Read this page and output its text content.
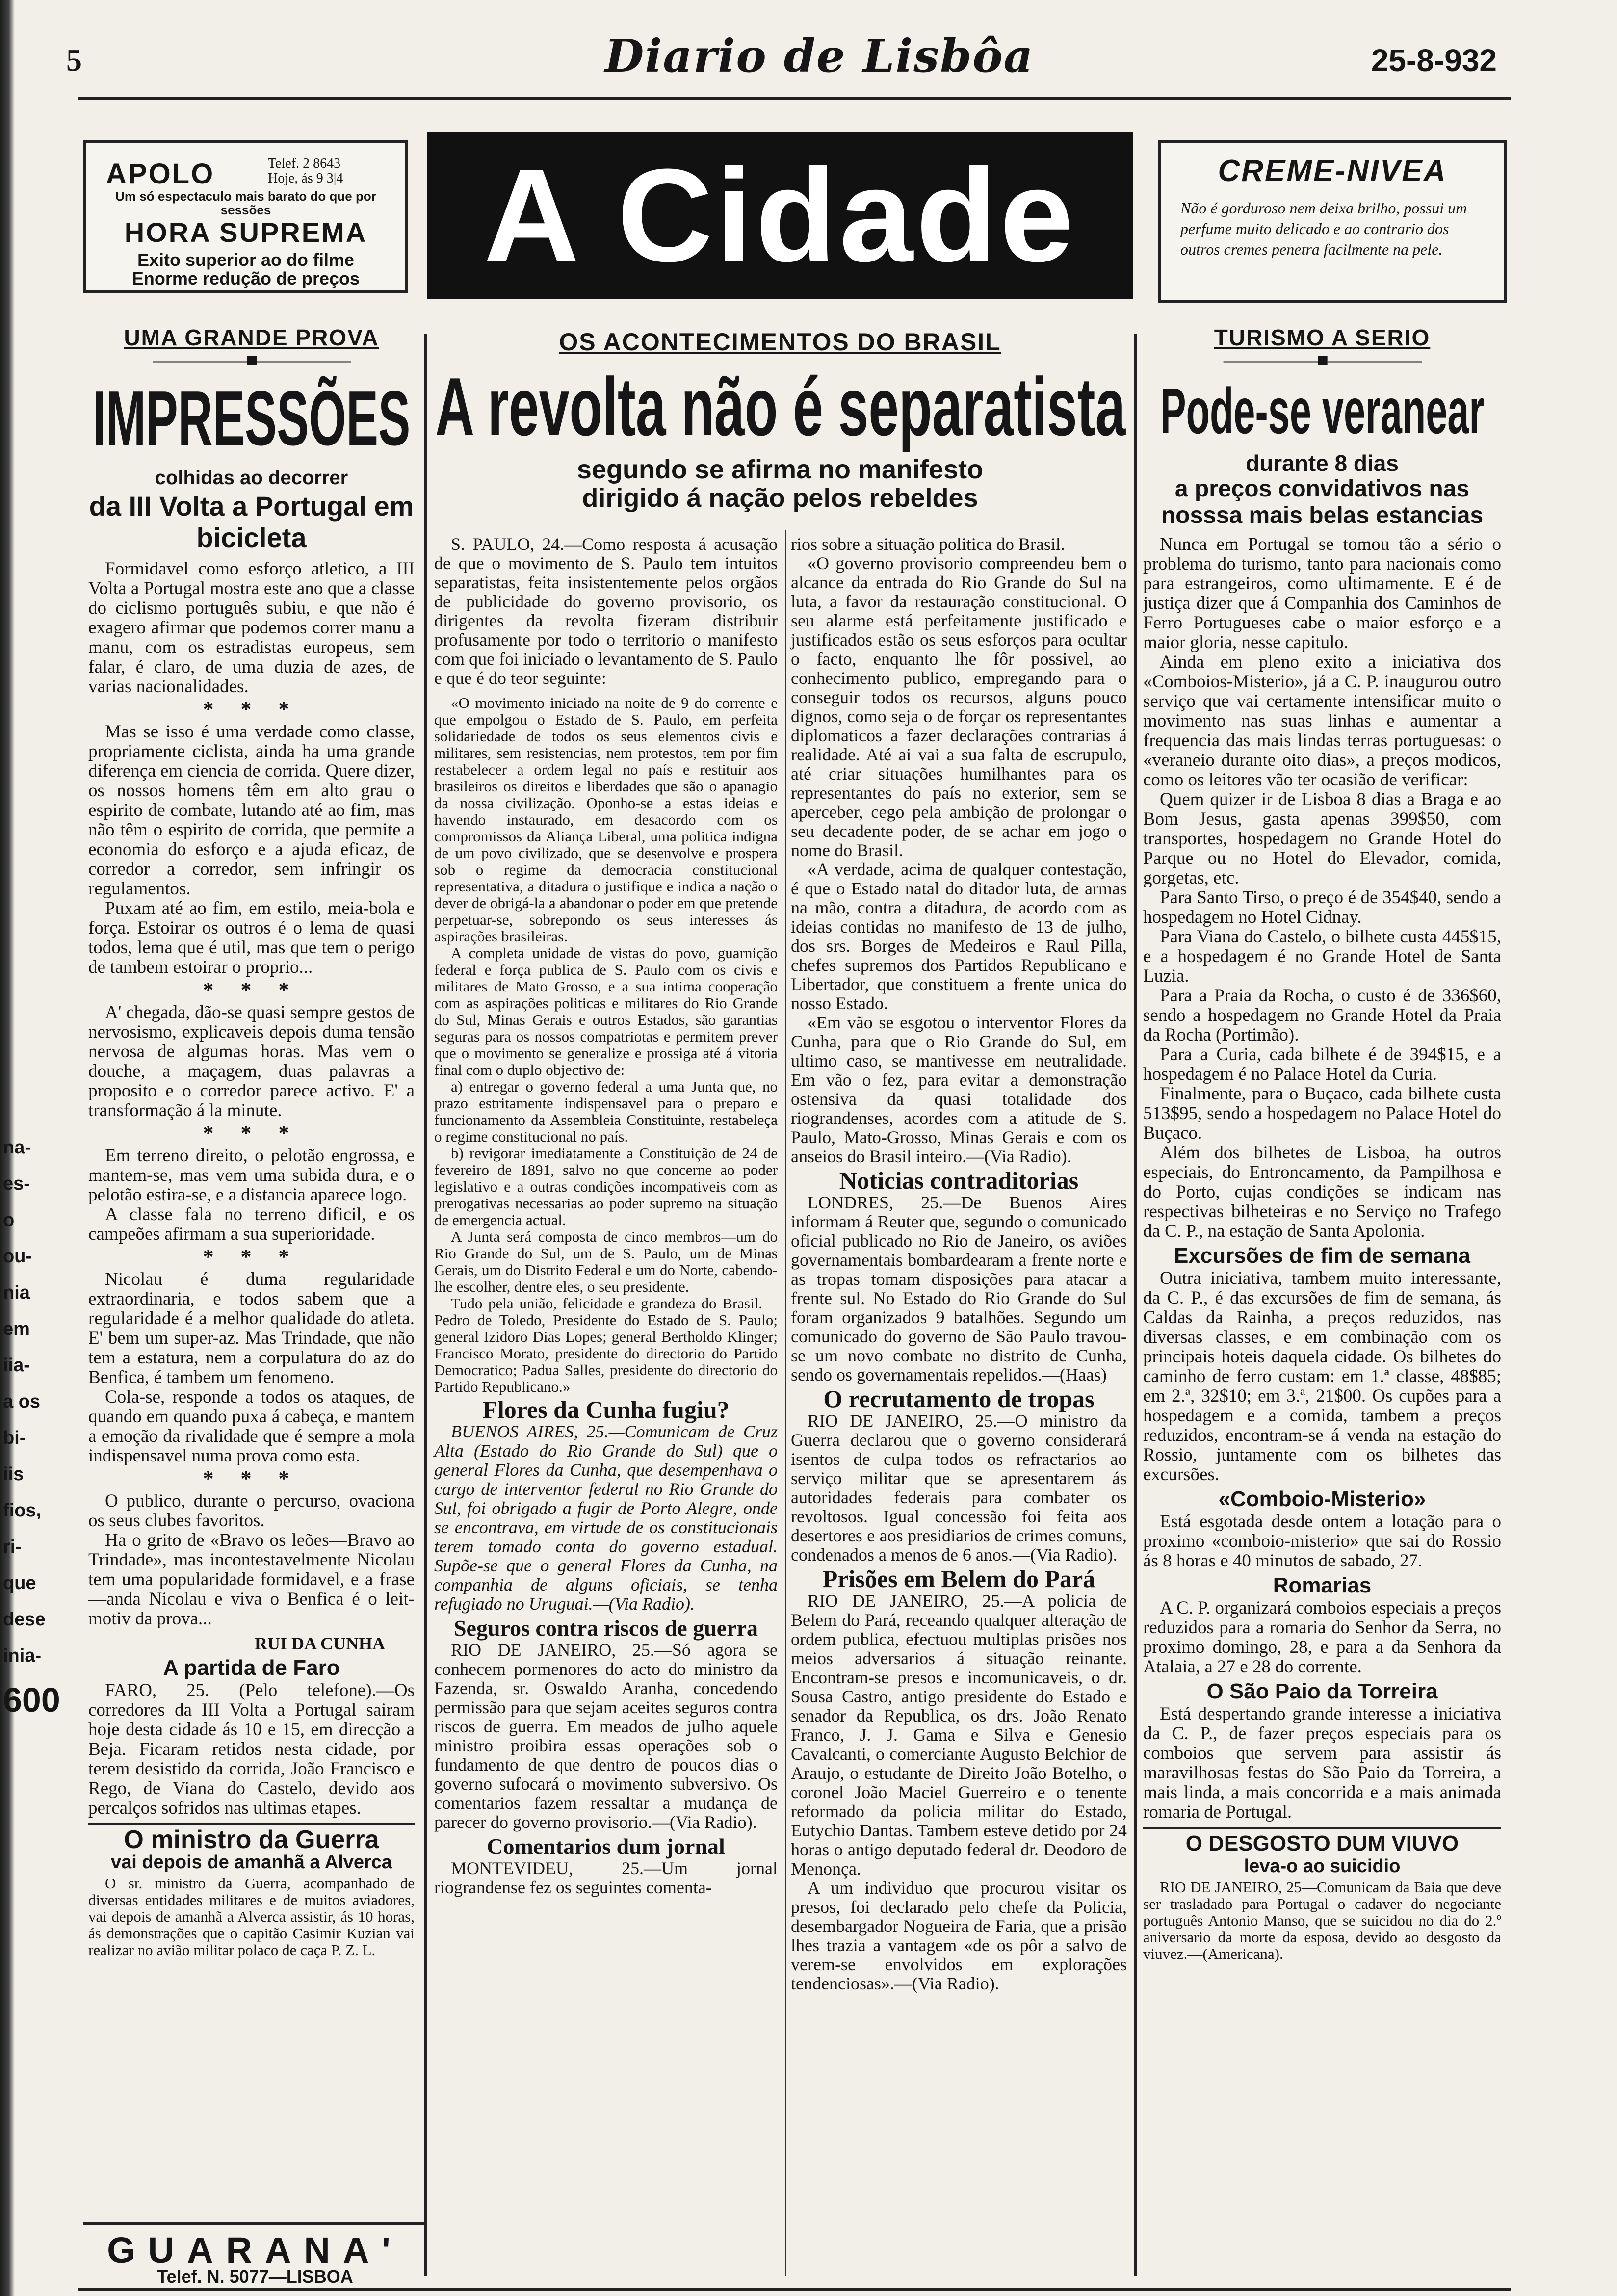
na-
es-
o
ou-
nia
em
iia-
a os
bi-
iis
fios,
ri-
que
dese
inia-
600
5	Diario de Lisbôa	25-8-932
APOLO	Telef. 2 8643
Hoje, ás 9 3|4
Um só espectaculo mais barato do que por sessões
HORA SUPREMA
Exito superior ao do filme
Enorme redução de preços A Cidade	CREME-NIVEA
Não é gorduroso nem deixa brilho, possui um perfume muito delicado e ao contrario dos outros cremes penetra facilmente na pele.
UMA GRANDE PROVA
—————■—————
IMPRESSÕES
colhidas ao decorrer
da III Volta a Portugal em bicicleta

Formidavel como esforço atletico, a III Volta a Portugal mostra este ano que a classe do ciclismo português subiu, e que não é exagero afirmar que podemos correr manu a manu, com os estradistas europeus, sem falar, é claro, de uma duzia de azes, de varias nacionalidades.

* * *

Mas se isso é uma verdade como classe, propriamente ciclista, ainda ha uma grande diferença em ciencia de corrida. Quere dizer, os nossos homens têm em alto grau o espirito de combate, lutando até ao fim, mas não têm o espirito de corrida, que permite a economia do esforço e a ajuda eficaz, de corredor a corredor, sem infringir os regulamentos.

Puxam até ao fim, em estilo, meia-bola e força. Estoirar os outros é o lema de quasi todos, lema que é util, mas que tem o perigo de tambem estoirar o proprio...

* * *

A' chegada, dão-se quasi sempre gestos de nervosismo, explicaveis depois duma tensão nervosa de algumas horas. Mas vem o douche, a maçagem, duas palavras a proposito e o corredor parece activo. E' a transformação á la minute.

* * *

Em terreno direito, o pelotão engrossa, e mantem-se, mas vem uma subida dura, e o pelotão estira-se, e a distancia aparece logo.

A classe fala no terreno dificil, e os campeões afirmam a sua superioridade.

* * *

Nicolau é duma regularidade extraordinaria, e todos sabem que a regularidade é a melhor qualidade do atleta. E' bem um super-az. Mas Trindade, que não tem a estatura, nem a corpulatura do az do Benfica, é tambem um fenomeno.

Cola-se, responde a todos os ataques, de quando em quando puxa á cabeça, e mantem a emoção da rivalidade que é sempre a mola indispensavel numa prova como esta.

* * *

O publico, durante o percurso, ovaciona os seus clubes favoritos.

Ha o grito de «Bravo os leões—Bravo ao Trindade», mas incontestavelmente Nicolau tem uma popularidade formidavel, e a frase—anda Nicolau e viva o Benfica é o leit-motiv da prova...

RUI DA CUNHA
A partida de Faro

FARO, 25. (Pelo telefone).—Os corredores da III Volta a Portugal sairam hoje desta cidade ás 10 e 15, em direcção a Beja. Ficaram retidos nesta cidade, por terem desistido da corrida, João Francisco e Rego, de Viana do Castelo, devido aos percalços sofridos nas ultimas etapes.

O ministro da Guerra
vai depois de amanhã a Alverca

O sr. ministro da Guerra, acompanhado de diversas entidades militares e de muitos aviadores, vai depois de amanhã a Alverca assistir, ás 10 horas, ás demonstrações que o capitão Casimir Kuzian vai realizar no avião militar polaco de caça P. Z. L.

GUARANA'
Telef. N. 5077—LISBOA
OS ACONTECIMENTOS DO BRASIL
A revolta não é separatista
segundo se afirma no manifesto dirigido á nação pelos rebeldes

S. PAULO, 24.—Como resposta á acusação de que o movimento de S. Paulo tem intuitos separatistas, feita insistentemente pelos orgãos de publicidade do governo provisorio, os dirigentes da revolta fizeram distribuir profusamente por todo o territorio o manifesto com que foi iniciado o levantamento de S. Paulo e que é do teor seguinte:

«O movimento iniciado na noite de 9 do corrente e que empolgou o Estado de S. Paulo, em perfeita solidariedade de todos os seus elementos civis e militares, sem resistencias, nem protestos, tem por fim restabelecer a ordem legal no país e restituir aos brasileiros os direitos e liberdades que são o apanagio da nossa civilização. Oponho-se a estas ideias e havendo instaurado, em desacordo com os compromissos da Aliança Liberal, uma politica indigna de um povo civilizado, que se desenvolve e prospera sob o regime da democracia constitucional representativa, a ditadura o justifique e indica a nação o dever de obrigá-la a abandonar o poder em que pretende perpetuar-se, sobrepondo os seus interesses ás aspirações brasileiras.

A completa unidade de vistas do povo, guarnição federal e força publica de S. Paulo com os civis e militares de Mato Grosso, e a sua intima cooperação com as aspirações politicas e militares do Rio Grande do Sul, Minas Gerais e outros Estados, são garantias seguras para os nossos compatriotas e permitem prever que o movimento se generalize e prossiga até á vitoria final com o duplo objectivo de:

a) entregar o governo federal a uma Junta que, no prazo estritamente indispensavel para o preparo e funcionamento da Assembleia Constituinte, restabeleça o regime constitucional no país.

b) revigorar imediatamente a Constituição de 24 de fevereiro de 1891, salvo no que concerne ao poder legislativo e a outras condições incompativeis com as prerogativas necessarias ao poder supremo na situação de emergencia actual.

A Junta será composta de cinco membros—um do Rio Grande do Sul, um de S. Paulo, um de Minas Gerais, um do Distrito Federal e um do Norte, cabendo-lhe escolher, dentre eles, o seu presidente.

Tudo pela união, felicidade e grandeza do Brasil.—Pedro de Toledo, Presidente do Estado de S. Paulo; general Izidoro Dias Lopes; general Bertholdo Klinger; Francisco Morato, presidente do directorio do Partido Democratico; Padua Salles, presidente do directorio do Partido Republicano.»

Flores da Cunha fugiu?

BUENOS AIRES, 25.—Comunicam de Cruz Alta (Estado do Rio Grande do Sul) que o general Flores da Cunha, que desempenhava o cargo de interventor federal no Rio Grande do Sul, foi obrigado a fugir de Porto Alegre, onde se encontrava, em virtude de os constitucionais terem tomado conta do governo estadual. Supõe-se que o general Flores da Cunha, na companhia de alguns oficiais, se tenha refugiado no Uruguai.—(Via Radio).

Seguros contra riscos de guerra

RIO DE JANEIRO, 25.—Só agora se conhecem pormenores do acto do ministro da Fazenda, sr. Oswaldo Aranha, concedendo permissão para que sejam aceites seguros contra riscos de guerra. Em meados de julho aquele ministro proibira essas operações sob o fundamento de que dentro de poucos dias o governo sufocará o movimento subversivo. Os comentarios fazem ressaltar a mudança de parecer do governo provisorio.—(Via Radio).

Comentarios dum jornal

MONTEVIDEU, 25.—Um jornal riograndense fez os seguintes comenta-

rios sobre a situação politica do Brasil.

«O governo provisorio compreendeu bem o alcance da entrada do Rio Grande do Sul na luta, a favor da restauração constitucional. O seu alarme está perfeitamente justificado e justificados estão os seus esforços para ocultar o facto, enquanto lhe fôr possivel, ao conhecimento publico, empregando para o conseguir todos os recursos, alguns pouco dignos, como seja o de forçar os representantes diplomaticos a fazer declarações contrarias á realidade. Até ai vai a sua falta de escrupulo, até criar situações humilhantes para os representantes do país no exterior, sem se aperceber, cego pela ambição de prolongar o seu decadente poder, de se achar em jogo o nome do Brasil.

«A verdade, acima de qualquer contestação, é que o Estado natal do ditador luta, de armas na mão, contra a ditadura, de acordo com as ideias contidas no manifesto de 13 de julho, dos srs. Borges de Medeiros e Raul Pilla, chefes supremos dos Partidos Republicano e Libertador, que constituem a frente unica do nosso Estado.

«Em vão se esgotou o interventor Flores da Cunha, para que o Rio Grande do Sul, em ultimo caso, se mantivesse em neutralidade. Em vão o fez, para evitar a demonstração ostensiva da quasi totalidade dos riograndenses, acordes com a atitude de S. Paulo, Mato-Grosso, Minas Gerais e com os anseios do Brasil inteiro.—(Via Radio).

Noticias contraditorias

LONDRES, 25.—De Buenos Aires informam á Reuter que, segundo o comunicado oficial publicado no Rio de Janeiro, os aviões governamentais bombardearam a frente norte e as tropas tomam disposições para atacar a frente sul. No Estado do Rio Grande do Sul foram organizados 9 batalhões. Segundo um comunicado do governo de São Paulo travou-se um novo combate no distrito de Cunha, sendo os governamentais repelidos.—(Haas)

O recrutamento de tropas

RIO DE JANEIRO, 25.—O ministro da Guerra declarou que o governo considerará isentos de culpa todos os refractarios ao serviço militar que se apresentarem ás autoridades federais para combater os revoltosos. Igual concessão foi feita aos desertores e aos presidiarios de crimes comuns, condenados a menos de 6 anos.—(Via Radio).

Prisões em Belem do Pará

RIO DE JANEIRO, 25.—A policia de Belem do Pará, receando qualquer alteração de ordem publica, efectuou multiplas prisões nos meios adversarios á situação reinante. Encontram-se presos e incomunicaveis, o dr. Sousa Castro, antigo presidente do Estado e senador da Republica, os drs. João Renato Franco, J. J. Gama e Silva e Genesio Cavalcanti, o comerciante Augusto Belchior de Araujo, o estudante de Direito João Botelho, o coronel João Maciel Guerreiro e o tenente reformado da policia militar do Estado, Eutychio Dantas. Tambem esteve detido por 24 horas o antigo deputado federal dr. Deodoro de Menonça.

A um individuo que procurou visitar os presos, foi declarado pelo chefe da Policia, desembargador Nogueira de Faria, que a prisão lhes trazia a vantagem «de os pôr a salvo de verem-se envolvidos em explorações tendenciosas».—(Via Radio).

TURISMO A SERIO
—————■—————
Pode-se veranear
durante 8 dias
a preços convidativos nas nosssa mais belas estancias

Nunca em Portugal se tomou tão a sério o problema do turismo, tanto para nacionais como para estrangeiros, como ultimamente. E é de justiça dizer que á Companhia dos Caminhos de Ferro Portugueses cabe o maior esforço e a maior gloria, nesse capitulo.

Ainda em pleno exito a iniciativa dos «Comboios-Misterio», já a C. P. inaugurou outro serviço que vai certamente intensificar muito o movimento nas suas linhas e aumentar a frequencia das mais lindas terras portuguesas: o «veraneio durante oito dias», a preços modicos, como os leitores vão ter ocasião de verificar:

Quem quizer ir de Lisboa 8 dias a Braga e ao Bom Jesus, gasta apenas 399$50, com transportes, hospedagem no Grande Hotel do Parque ou no Hotel do Elevador, comida, gorgetas, etc.

Para Santo Tirso, o preço é de 354$40, sendo a hospedagem no Hotel Cidnay.

Para Viana do Castelo, o bilhete custa 445$15, e a hospedagem é no Grande Hotel de Santa Luzia.

Para a Praia da Rocha, o custo é de 336$60, sendo a hospedagem no Grande Hotel da Praia da Rocha (Portimão).

Para a Curia, cada bilhete é de 394$15, e a hospedagem é no Palace Hotel da Curia.

Finalmente, para o Buçaco, cada bilhete custa 513$95, sendo a hospedagem no Palace Hotel do Buçaco.

Além dos bilhetes de Lisboa, ha outros especiais, do Entroncamento, da Pampilhosa e do Porto, cujas condições se indicam nas respectivas bilheteiras e no Serviço no Trafego da C. P., na estação de Santa Apolonia.

Excursões de fim de semana

Outra iniciativa, tambem muito interessante, da C. P., é das excursões de fim de semana, ás Caldas da Rainha, a preços reduzidos, nas diversas classes, e em combinação com os principais hoteis daquela cidade. Os bilhetes do caminho de ferro custam: em 1.ª classe, 48$85; em 2.ª, 32$10; em 3.ª, 21$00. Os cupões para a hospedagem e a comida, tambem a preços reduzidos, encontram-se á venda na estação do Rossio, juntamente com os bilhetes das excursões.

«Comboio-Misterio»

Está esgotada desde ontem a lotação para o proximo «comboio-misterio» que sai do Rossio ás 8 horas e 40 minutos de sabado, 27.

Romarias

A C. P. organizará comboios especiais a preços reduzidos para a romaria do Senhor da Serra, no proximo domingo, 28, e para a da Senhora da Atalaia, a 27 e 28 do corrente.

O São Paio da Torreira

Está despertando grande interesse a iniciativa da C. P., de fazer preços especiais para os comboios que servem para assistir ás maravilhosas festas do São Paio da Torreira, a mais linda, a mais concorrida e a mais animada romaria de Portugal.

O DESGOSTO DUM VIUVO
leva-o ao suicidio

RIO DE JANEIRO, 25—Comunicam da Baia que deve ser trasladado para Portugal o cadaver do negociante português Antonio Manso, que se suicidou no dia do 2.º aniversario da morte da esposa, devido ao desgosto da viuvez.—(Americana).
